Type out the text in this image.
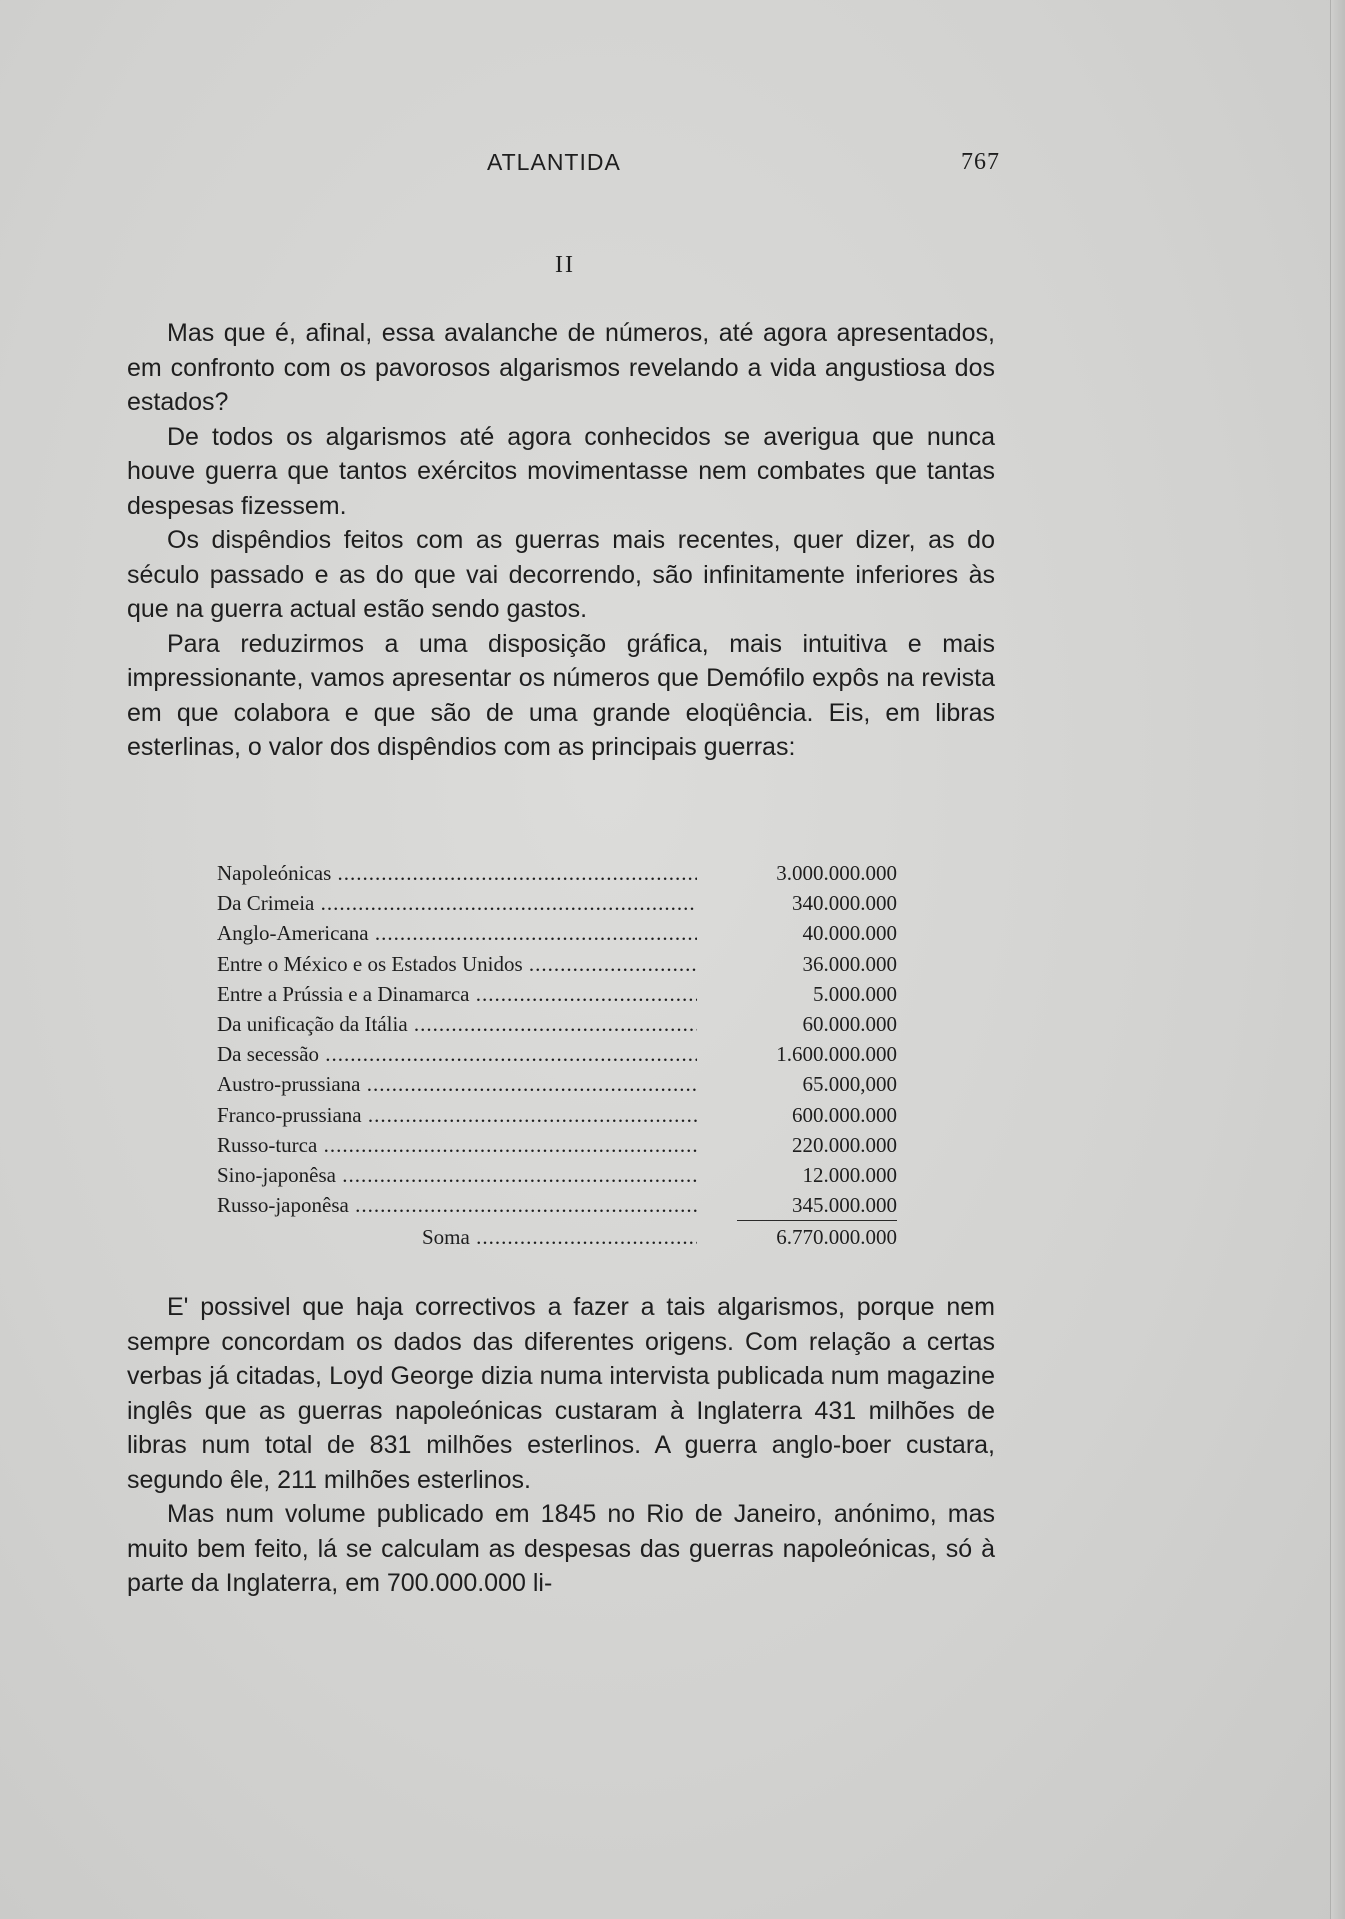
ATLANTIDA	767
II

Mas que é, afinal, essa avalanche de números, até agora apresentados, em confronto com os pavorosos algarismos revelando a vida angustiosa dos estados?

De todos os algarismos até agora conhecidos se averigua que nunca houve guerra que tantos exércitos movimentasse nem combates que tantas despesas fizessem.

Os dispêndios feitos com as guerras mais recentes, quer dizer, as do século passado e as do que vai decorrendo, são infinitamente inferiores às que na guerra actual estão sendo gastos.

Para reduzirmos a uma disposição gráfica, mais intuitiva e mais impressionante, vamos apresentar os números que Demófilo expôs na revista em que colabora e que são de uma grande eloqüência. Eis, em libras esterlinas, o valor dos dispêndios com as principais guerras:

Napoleónicas .....	3.000.000.000
Da Crimeia .....	340.000.000
Anglo-Americana .....	40.000.000
Entre o México e os Estados Unidos .....	36.000.000
Entre a Prússia e a Dinamarca .....	5.000.000
Da unificação da Itália .....	60.000.000
Da secessão .....	1.600.000.000
Austro-prussiana .....	65.000,000
Franco-prussiana .....	600.000.000
Russo-turca .....	220.000.000
Sino-japonêsa .....	12.000.000
Russo-japonêsa .....	345.000.000
Soma .....	6.770.000.000

E' possivel que haja correctivos a fazer a tais algarismos, porque nem sempre concordam os dados das diferentes origens. Com relação a certas verbas já citadas, Loyd George dizia numa intervista publicada num magazine inglês que as guerras napoleónicas custaram à Inglaterra 431 milhões de libras num total de 831 milhões esterlinos. A guerra anglo-boer custara, segundo êle, 211 milhões esterlinos.

Mas num volume publicado em 1845 no Rio de Janeiro, anónimo, mas muito bem feito, lá se calculam as despesas das guerras napoleónicas, só à parte da Inglaterra, em 700.000.000 li-
